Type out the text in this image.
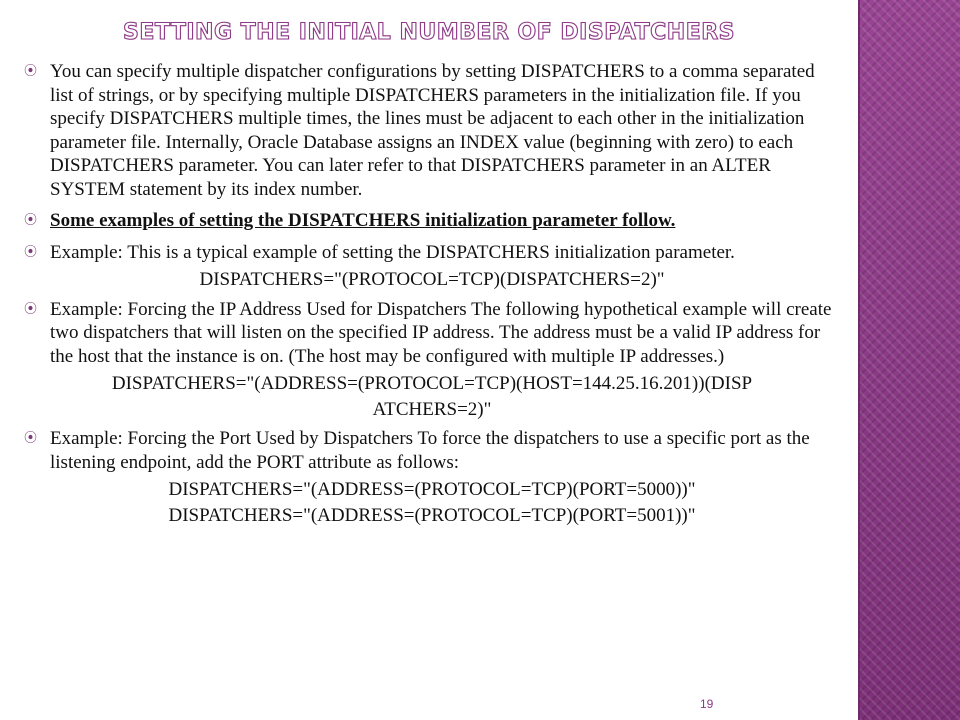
SETTING THE INITIAL NUMBER OF DISPATCHERS
⦿ You can specify multiple dispatcher configurations by setting DISPATCHERS to a comma separated list of strings, or by specifying multiple DISPATCHERS parameters in the initialization file. If you specify DISPATCHERS multiple times, the lines must be adjacent to each other in the initialization parameter file. Internally, Oracle Database assigns an INDEX value (beginning with zero) to each DISPATCHERS parameter. You can later refer to that DISPATCHERS parameter in an ALTER SYSTEM statement by its index number.
⦿ Some examples of setting the DISPATCHERS initialization parameter follow.
⦿ Example: This is a typical example of setting the DISPATCHERS initialization parameter.
DISPATCHERS="(PROTOCOL=TCP)(DISPATCHERS=2)"
⦿ Example: Forcing the IP Address Used for Dispatchers The following hypothetical example will create two dispatchers that will listen on the specified IP address. The address must be a valid IP address for the host that the instance is on. (The host may be configured with multiple IP addresses.)
DISPATCHERS="(ADDRESS=(PROTOCOL=TCP)(HOST=144.25.16.201))(DISP
ATCHERS=2)"
⦿ Example: Forcing the Port Used by Dispatchers To force the dispatchers to use a specific port as the listening endpoint, add the PORT attribute as follows:
DISPATCHERS="(ADDRESS=(PROTOCOL=TCP)(PORT=5000))"
DISPATCHERS="(ADDRESS=(PROTOCOL=TCP)(PORT=5001))"
19
